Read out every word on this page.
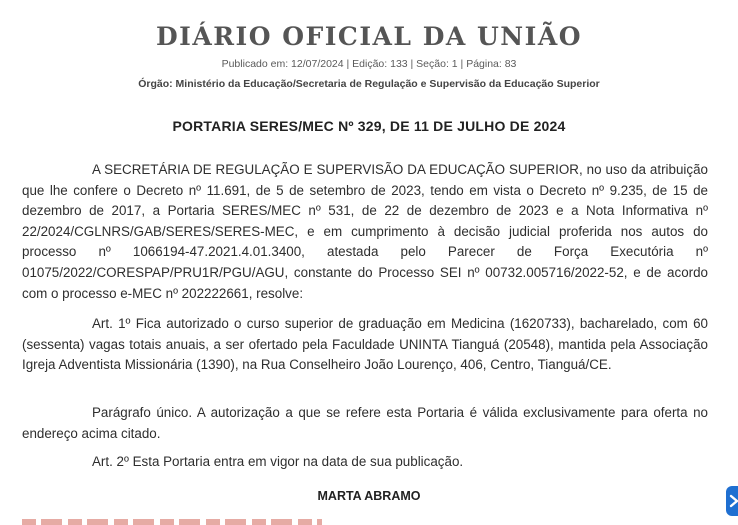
DIÁRIO OFICIAL DA UNIÃO
Publicado em: 12/07/2024 | Edição: 133 | Seção: 1 | Página: 83
Órgão: Ministério da Educação/Secretaria de Regulação e Supervisão da Educação Superior
PORTARIA SERES/MEC Nº 329, DE 11 DE JULHO DE 2024

A SECRETÁRIA DE REGULAÇÃO E SUPERVISÃO DA EDUCAÇÃO SUPERIOR, no uso da atribuição que lhe confere o Decreto nº 11.691, de 5 de setembro de 2023, tendo em vista o Decreto nº 9.235, de 15 de dezembro de 2017, a Portaria SERES/MEC nº 531, de 22 de dezembro de 2023 e a Nota Informativa nº 22/2024/CGLNRS/GAB/SERES/SERES-MEC, e em cumprimento à decisão judicial proferida nos autos do processo nº 1066194-47.2021.4.01.3400, atestada pelo Parecer de Força Executória nº 01075/2022/CORESPAP/PRU1R/PGU/AGU, constante do Processo SEI nº 00732.005716/2022-52, e de acordo com o processo e-MEC nº 202222661, resolve:

Art. 1º Fica autorizado o curso superior de graduação em Medicina (1620733), bacharelado, com 60 (sessenta) vagas totais anuais, a ser ofertado pela Faculdade UNINTA Tianguá (20548), mantida pela Associação Igreja Adventista Missionária (1390), na Rua Conselheiro João Lourenço, 406, Centro, Tianguá/CE.

Parágrafo único. A autorização a que se refere esta Portaria é válida exclusivamente para oferta no endereço acima citado.

Art. 2º Esta Portaria entra em vigor na data de sua publicação.

MARTA ABRAMO
